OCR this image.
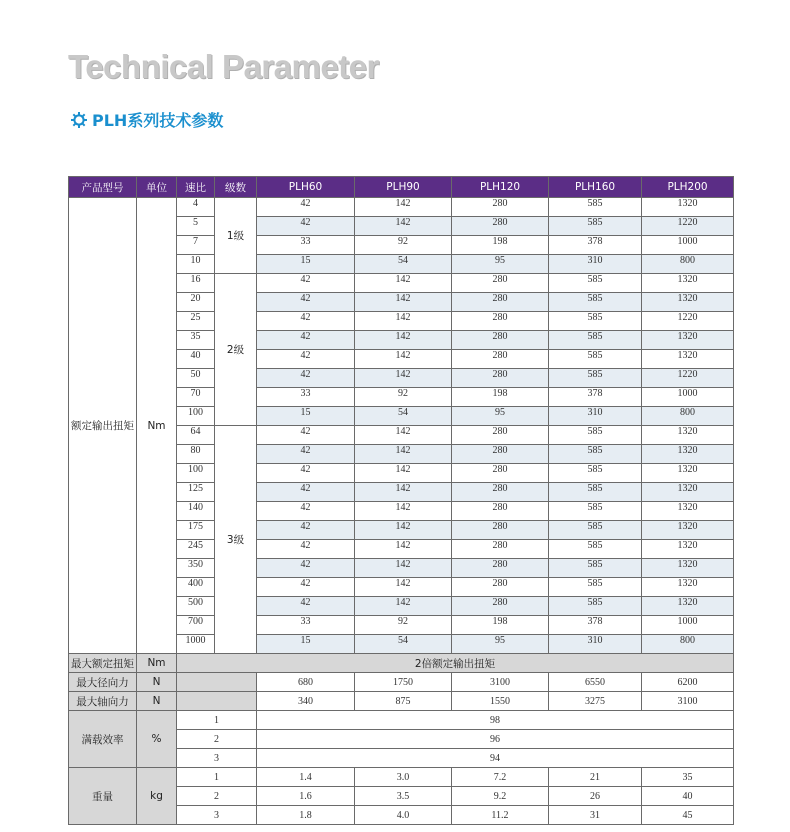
Technical Parameter
PLH系列技术参数
产品型号	单位	速比	级数	PLH60	PLH90	PLH120	PLH160	PLH200
额定输出扭矩	Nm	4	1级	42	142	280	585	1320
		5		42	142	280	585	1220
		7		33	92	198	378	1000
		10		15	54	95	310	800
		16	2级	42	142	280	585	1320
		20		42	142	280	585	1320
		25		42	142	280	585	1220
		35		42	142	280	585	1320
		40		42	142	280	585	1320
		50		42	142	280	585	1220
		70		33	92	198	378	1000
		100		15	54	95	310	800
		64	3级	42	142	280	585	1320
		80		42	142	280	585	1320
		100		42	142	280	585	1320
		125		42	142	280	585	1320
		140		42	142	280	585	1320
		175		42	142	280	585	1320
		245		42	142	280	585	1320
		350		42	142	280	585	1320
		400		42	142	280	585	1320
		500		42	142	280	585	1320
		700		33	92	198	378	1000
		1000		15	54	95	310	800
最大额定扭矩	Nm	2倍额定输出扭矩						
最大径向力	N			680	1750	3100	6550	6200
最大轴向力	N			340	875	1550	3275	3100
满载效率	%	1		98				
		2		96				
		3		94				
重量	kg	1		1.4	3.0	7.2	21	35
		2		1.6	3.5	9.2	26	40
		3		1.8	4.0	11.2	31	45
